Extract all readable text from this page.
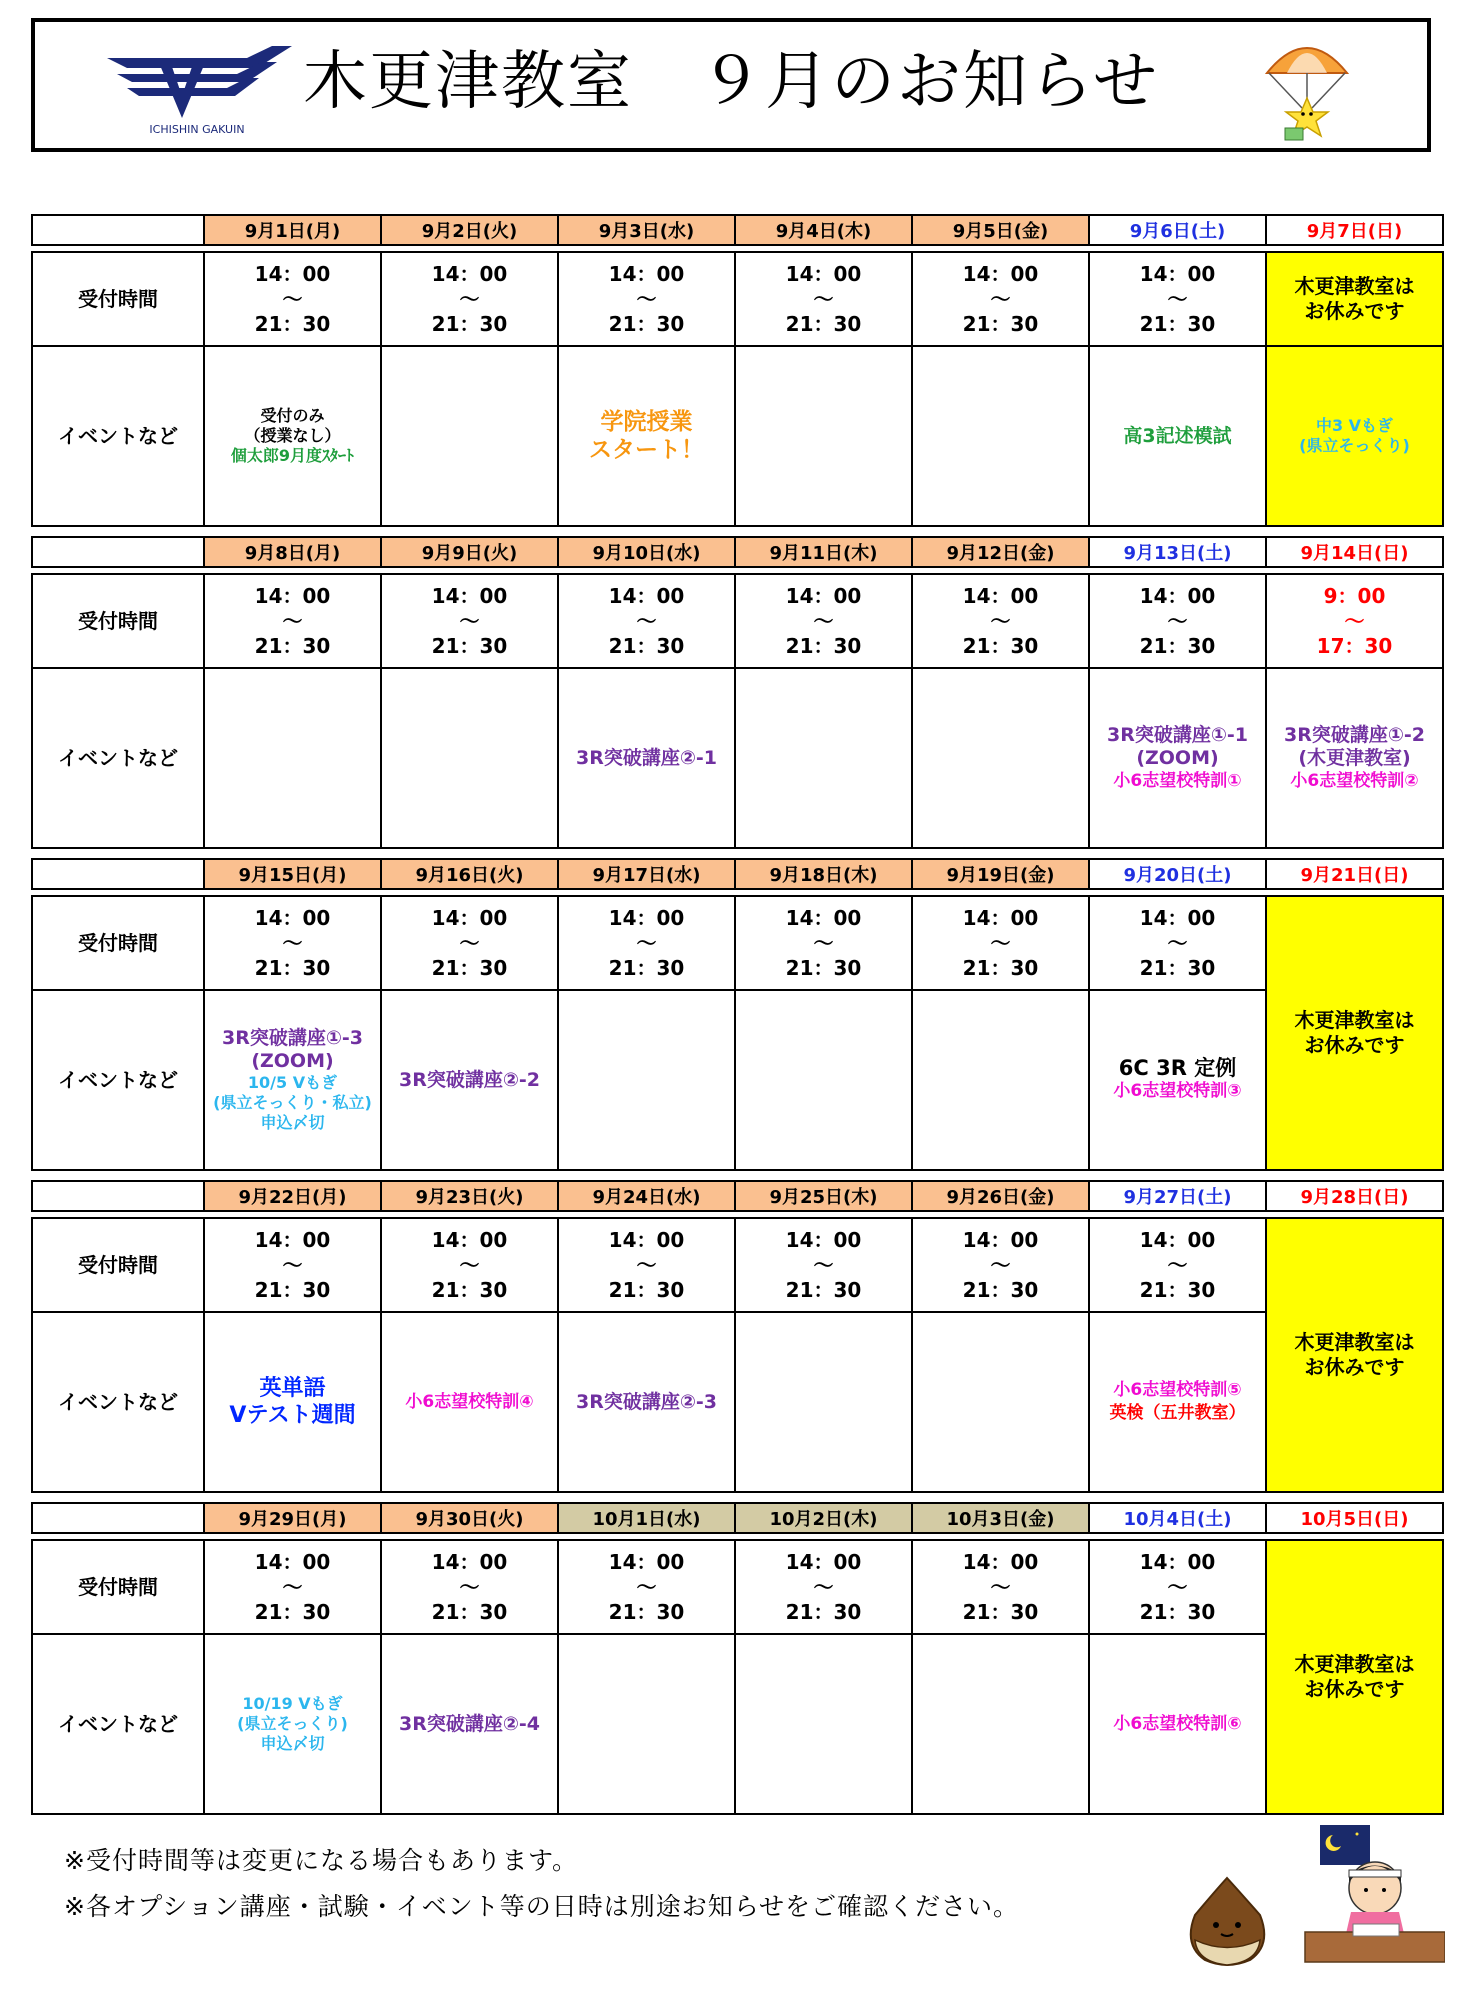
ICHISHIN GAKUIN
木更津教室　９月のお知らせ
	9月1日(月)	9月2日(火)	9月3日(水)	9月4日(木)	9月5日(金)	9月6日(土)	9月7日(日)

受付時間	14：00
～
21：30	14：00
～
21：30	14：00
～
21：30	14：00
～
21：30	14：00
～
21：30	14：00
～
21：30	木更津教室は
お休みです

イベントなど	受付のみ
（授業なし）
個太郎9月度ｽﾀｰﾄ		学院授業
スタート！			高3記述模試	中3 Vもぎ
(県立そっくり)
	9月8日(月)	9月9日(火)	9月10日(水)	9月11日(木)	9月12日(金)	9月13日(土)	9月14日(日)

受付時間	14：00
～
21：30	14：00
～
21：30	14：00
～
21：30	14：00
～
21：30	14：00
～
21：30	14：00
～
21：30	9：00
～
17：30

イベントなど			3R突破講座②-1			3R突破講座①-1
(ZOOM)
小6志望校特訓①	3R突破講座①-2
(木更津教室)
小6志望校特訓②
	9月15日(月)	9月16日(火)	9月17日(水)	9月18日(木)	9月19日(金)	9月20日(土)	9月21日(日)

受付時間	14：00
～
21：30	14：00
～
21：30	14：00
～
21：30	14：00
～
21：30	14：00
～
21：30	14：00
～
21：30	木更津教室は
お休みです

イベントなど	3R突破講座①-3
(ZOOM)
10/5 Vもぎ
(県立そっくり・私立)
申込〆切	3R突破講座②-2				6C 3R 定例
小6志望校特訓③	
	9月22日(月)	9月23日(火)	9月24日(水)	9月25日(木)	9月26日(金)	9月27日(土)	9月28日(日)

受付時間	14：00
～
21：30	14：00
～
21：30	14：00
～
21：30	14：00
～
21：30	14：00
～
21：30	14：00
～
21：30	木更津教室は
お休みです

イベントなど	英単語
Vテスト週間	小6志望校特訓④	3R突破講座②-3			小6志望校特訓⑤
英検（五井教室）	
	9月29日(月)	9月30日(火)	10月1日(水)	10月2日(木)	10月3日(金)	10月4日(土)	10月5日(日)

受付時間	14：00
～
21：30	14：00
～
21：30	14：00
～
21：30	14：00
～
21：30	14：00
～
21：30	14：00
～
21：30	木更津教室は
お休みです

イベントなど	10/19 Vもぎ
(県立そっくり)
申込〆切	3R突破講座②-4				小6志望校特訓⑥	
※受付時間等は変更になる場合もあります。
※各オプション講座・試験・イベント等の日時は別途お知らせをご確認ください。
